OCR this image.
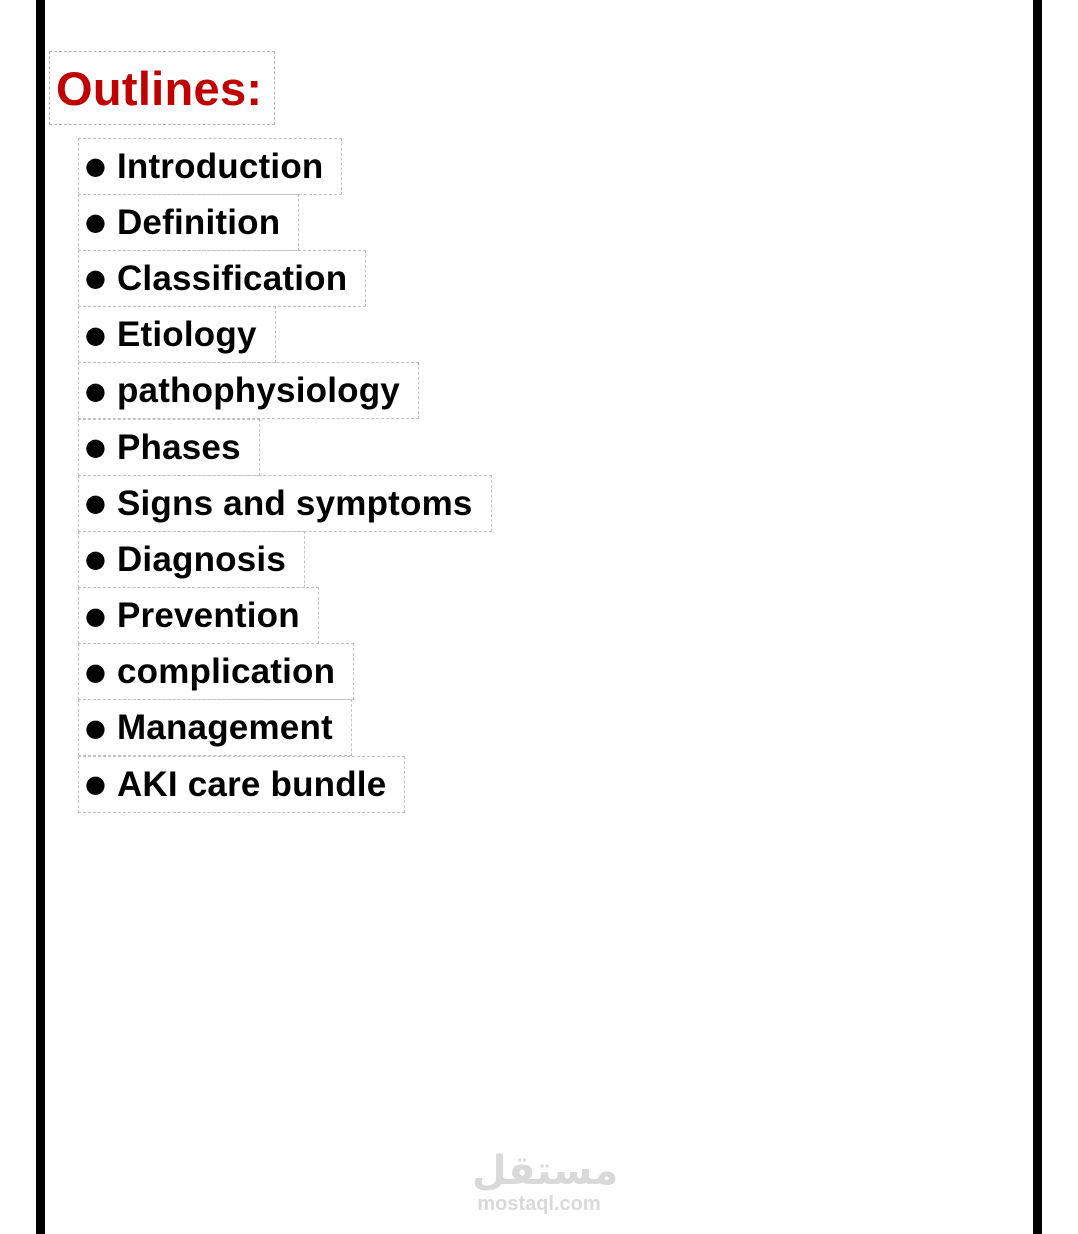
Outlines:
● Introduction
● Definition
● Classification
● Etiology
● pathophysiology
● Phases
● Signs and symptoms
● Diagnosis
● Prevention
● complication
● Management
● AKI care bundle
مستقل
mostaql.com
